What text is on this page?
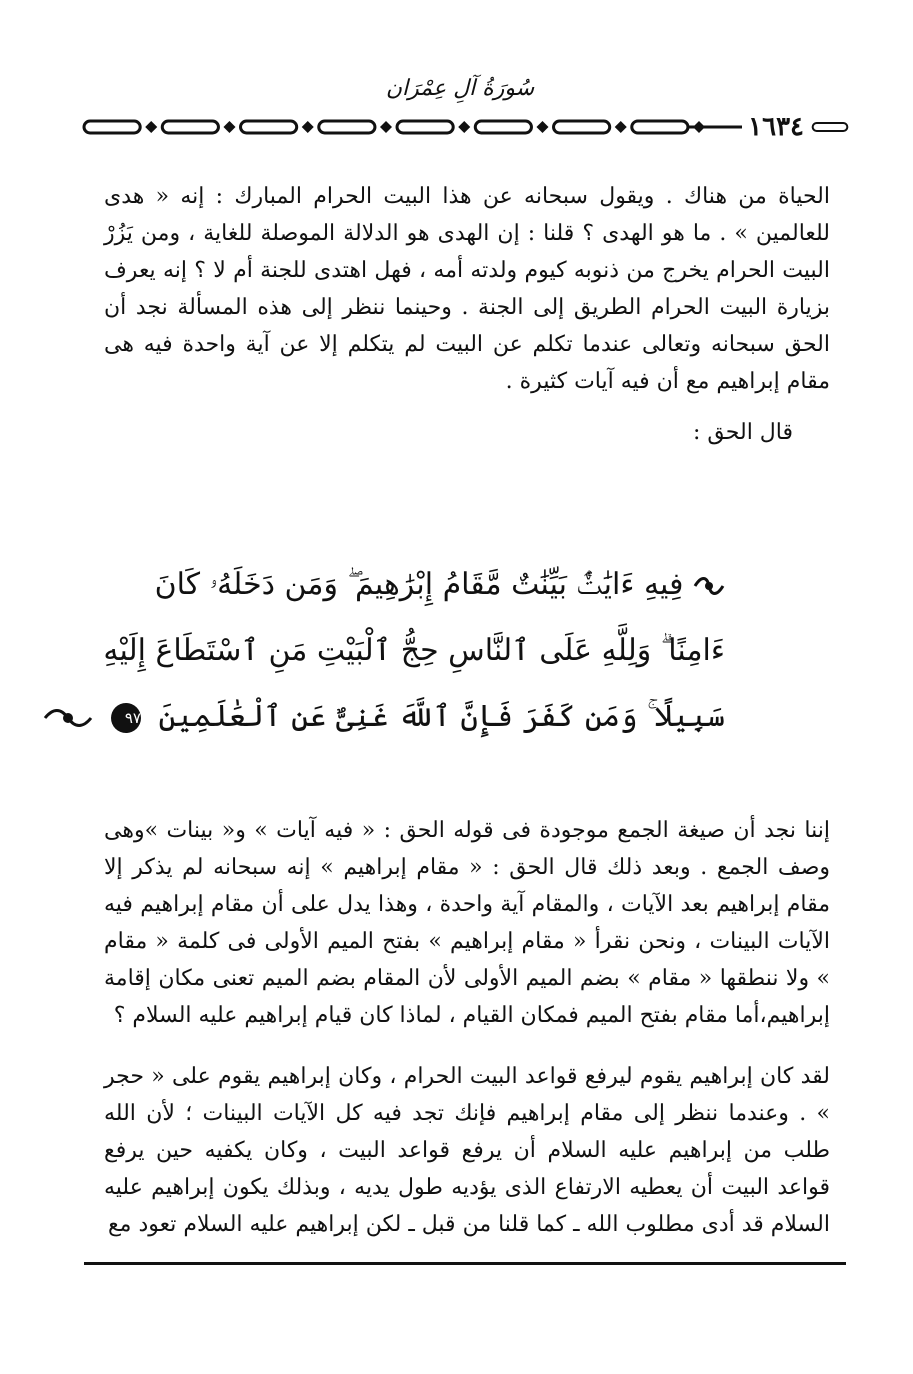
سُورَةُ آلِ عِمْرَان
١٦٣٤

الحياة من هناك . ويقول سبحانه عن هذا البيت الحرام المبارك : إنه « هدى للعالمين » . ما هو الهدى ؟ قلنا : إن الهدى هو الدلالة الموصلة للغاية ، ومن يَزُرْ البيت الحرام يخرج من ذنوبه كيوم ولدته أمه ، فهل اهتدى للجنة أم لا ؟ إنه يعرف بزيارة البيت الحرام الطريق إلى الجنة . وحينما ننظر إلى هذه المسألة نجد أن الحق سبحانه وتعالى عندما تكلم عن البيت لم يتكلم إلا عن آية واحدة فيه هى مقام إبراهيم مع أن فيه آيات كثيرة .

قال الحق :
فِيهِ ءَايَٰتٌۢ بَيِّنَٰتٌ مَّقَامُ إِبْرَٰهِيمَ ۖ وَمَن دَخَلَهُۥ كَانَ
ءَامِنًا ۗ وَلِلَّهِ عَلَى ٱلنَّاسِ حِجُّ ٱلْبَيْتِ مَنِ ٱسْتَطَاعَ إِلَيْهِ
سَبِيلًا ۚ وَمَن كَفَرَ فَإِنَّ ٱللَّهَ غَنِىٌّ عَنِ ٱلْعَٰلَمِينَ ٩٧

إننا نجد أن صيغة الجمع موجودة فى قوله الحق : « فيه آيات » و« بينات »وهى وصف الجمع . وبعد ذلك قال الحق : « مقام إبراهيم » إنه سبحانه لم يذكر إلا مقام إبراهيم بعد الآيات ، والمقام آية واحدة ، وهذا يدل على أن مقام إبراهيم فيه الآيات البينات ، ونحن نقرأ « مقام إبراهيم » بفتح الميم الأولى فى كلمة « مقام » ولا ننطقها « مقام » بضم الميم الأولى لأن المقام بضم الميم تعنى مكان إقامة إبراهيم،أما مقام بفتح الميم فمكان القيام ، لماذا كان قيام إبراهيم عليه السلام ؟

لقد كان إبراهيم يقوم ليرفع قواعد البيت الحرام ، وكان إبراهيم يقوم على « حجر » . وعندما ننظر إلى مقام إبراهيم فإنك تجد فيه كل الآيات البينات ؛ لأن الله طلب من إبراهيم عليه السلام أن يرفع قواعد البيت ، وكان يكفيه حين يرفع قواعد البيت أن يعطيه الارتفاع الذى يؤديه طول يديه ، وبذلك يكون إبراهيم عليه السلام قد أدى مطلوب الله ـ كما قلنا من قبل ـ لكن إبراهيم عليه السلام تعود مع
